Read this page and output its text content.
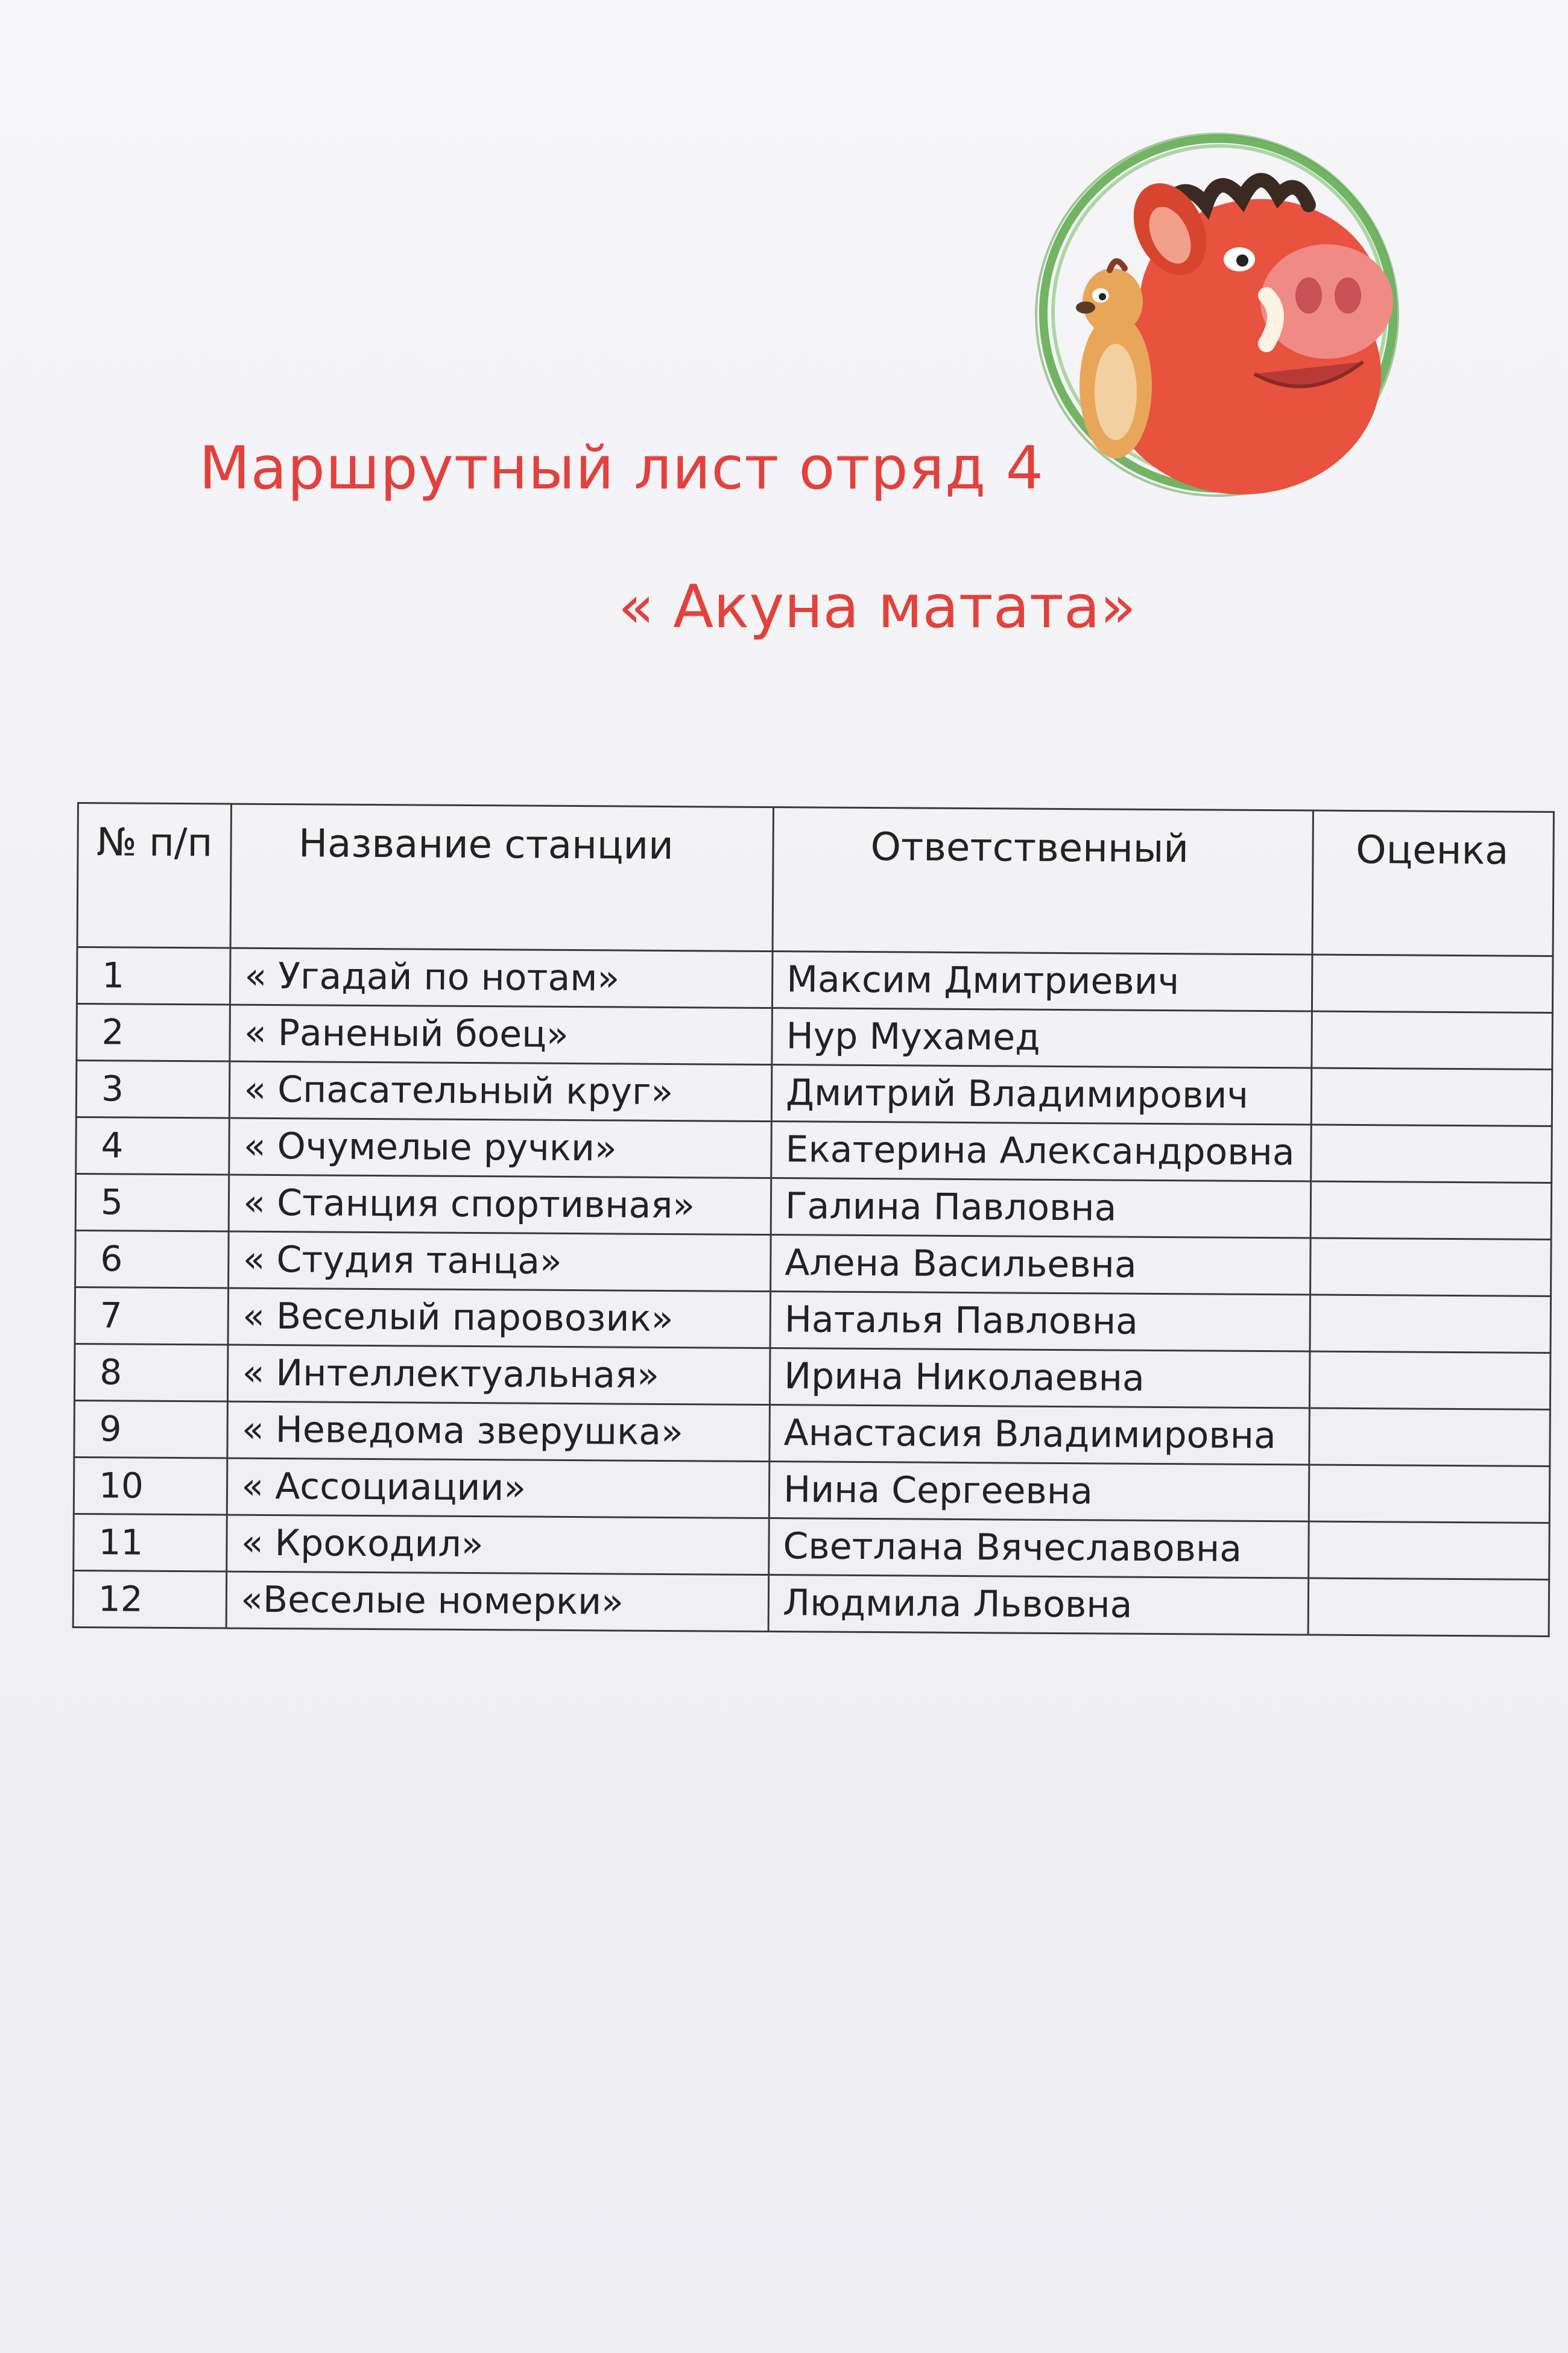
Маршрутный лист отряд 4
« Акуна матата»
№ п/п	Название станции	Ответственный	Оценка
1	« Угадай по нотам»	Максим Дмитриевич	
2	« Раненый боец»	Нур Мухамед	
3	« Спасательный круг»	Дмитрий Владимирович	
4	« Очумелые ручки»	Екатерина Александровна	
5	« Станция спортивная»	Галина Павловна	
6	« Студия танца»	Алена Васильевна	
7	« Веселый паровозик»	Наталья Павловна	
8	« Интеллектуальная»	Ирина Николаевна	
9	« Неведома зверушка»	Анастасия Владимировна	
10	« Ассоциации»	Нина Сергеевна	
11	« Крокодил»	Светлана Вячеславовна	
12	«Веселые номерки»	Людмила Львовна	
